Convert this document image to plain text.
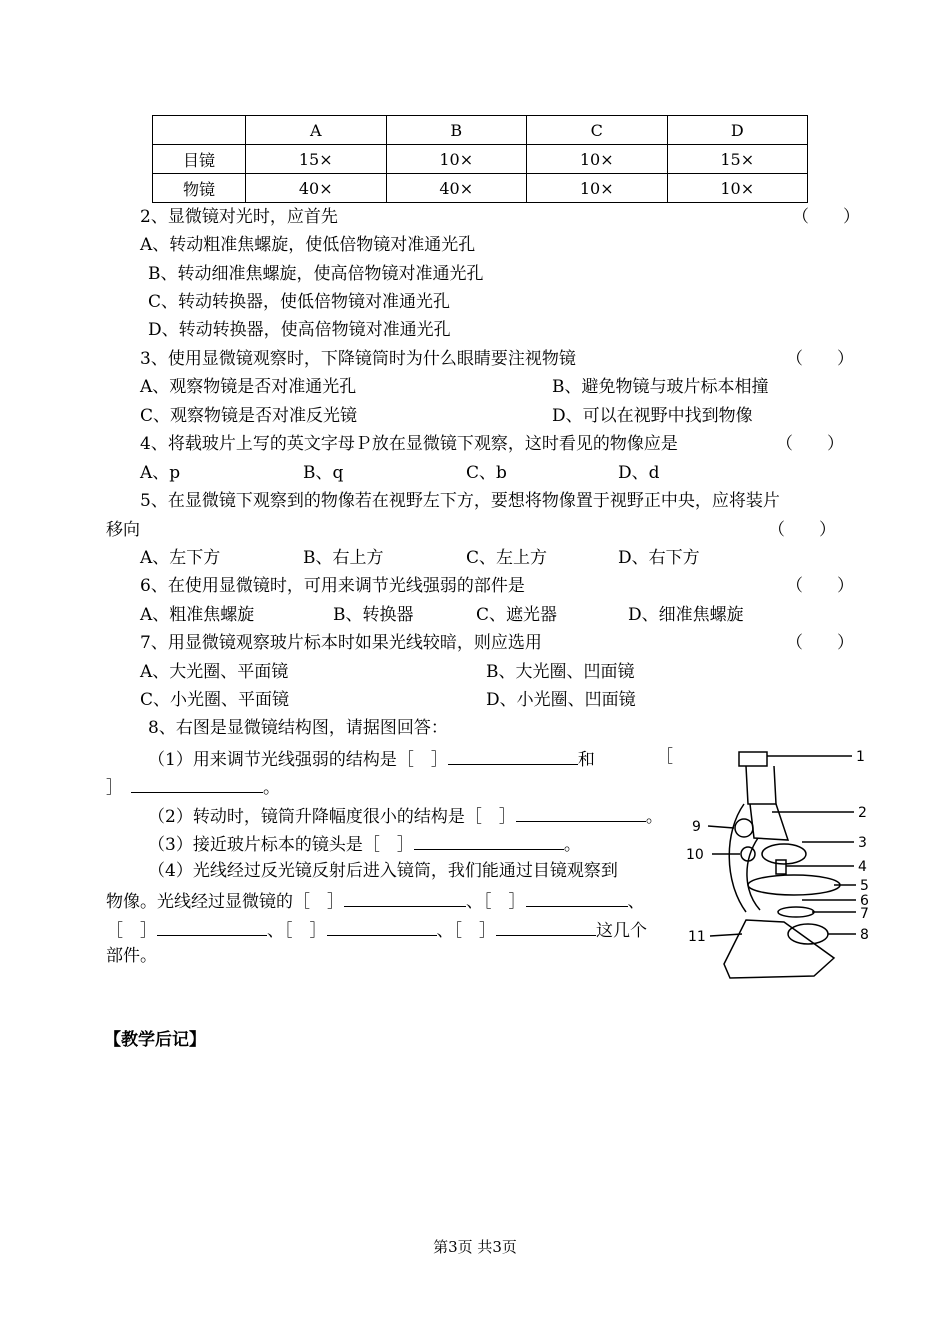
	A	B	C	D
目镜	15×	10×	10×	15×
物镜	40×	40×	10×	10×
2、显微镜对光时，应首先	（　　）
A、转动粗准焦螺旋，使低倍物镜对准通光孔
B、转动细准焦螺旋，使高倍物镜对准通光孔
C、转动转换器，使低倍物镜对准通光孔
D、转动转换器，使高倍物镜对准通光孔
3、使用显微镜观察时，下降镜筒时为什么眼睛要注视物镜	（　　）
A、观察物镜是否对准通光孔	B、避免物镜与玻片标本相撞
C、观察物镜是否对准反光镜	D、可以在视野中找到物像
4、将载玻片上写的英文字母Ｐ放在显微镜下观察，这时看见的物像应是	（　　）
A、p	B、q	C、b	D、d
5、在显微镜下观察到的物像若在视野左下方，要想将物像置于视野正中央，应将装片
移向	（　　）
A、左下方	B、右上方	C、左上方	D、右下方
6、在使用显微镜时，可用来调节光线强弱的部件是	（　　）
A、粗准焦螺旋	B、转换器	C、遮光器	D、细准焦螺旋
7、用显微镜观察玻片标本时如果光线较暗，则应选用	（　　）
A、大光圈、平面镜	B、大光圈、凹面镜
C、小光圈、平面镜	D、小光圈、凹面镜
8、右图是显微镜结构图，请据图回答：
（1）用来调节光线强弱的结构是［　］	和	［
］	。
（2）转动时，镜筒升降幅度很小的结构是［　］	。
（3）接近玻片标本的镜头是［　］	。
（4）光线经过反光镜反射后进入镜筒，我们能通过目镜观察到
物像。光线经过显微镜的［　］	、［　］	、
［　］	、［　］	、［　］	这几个
部件。
1
2
3
4
5
6
7
8
9
10
11
【教学后记】
第3页 共3页
